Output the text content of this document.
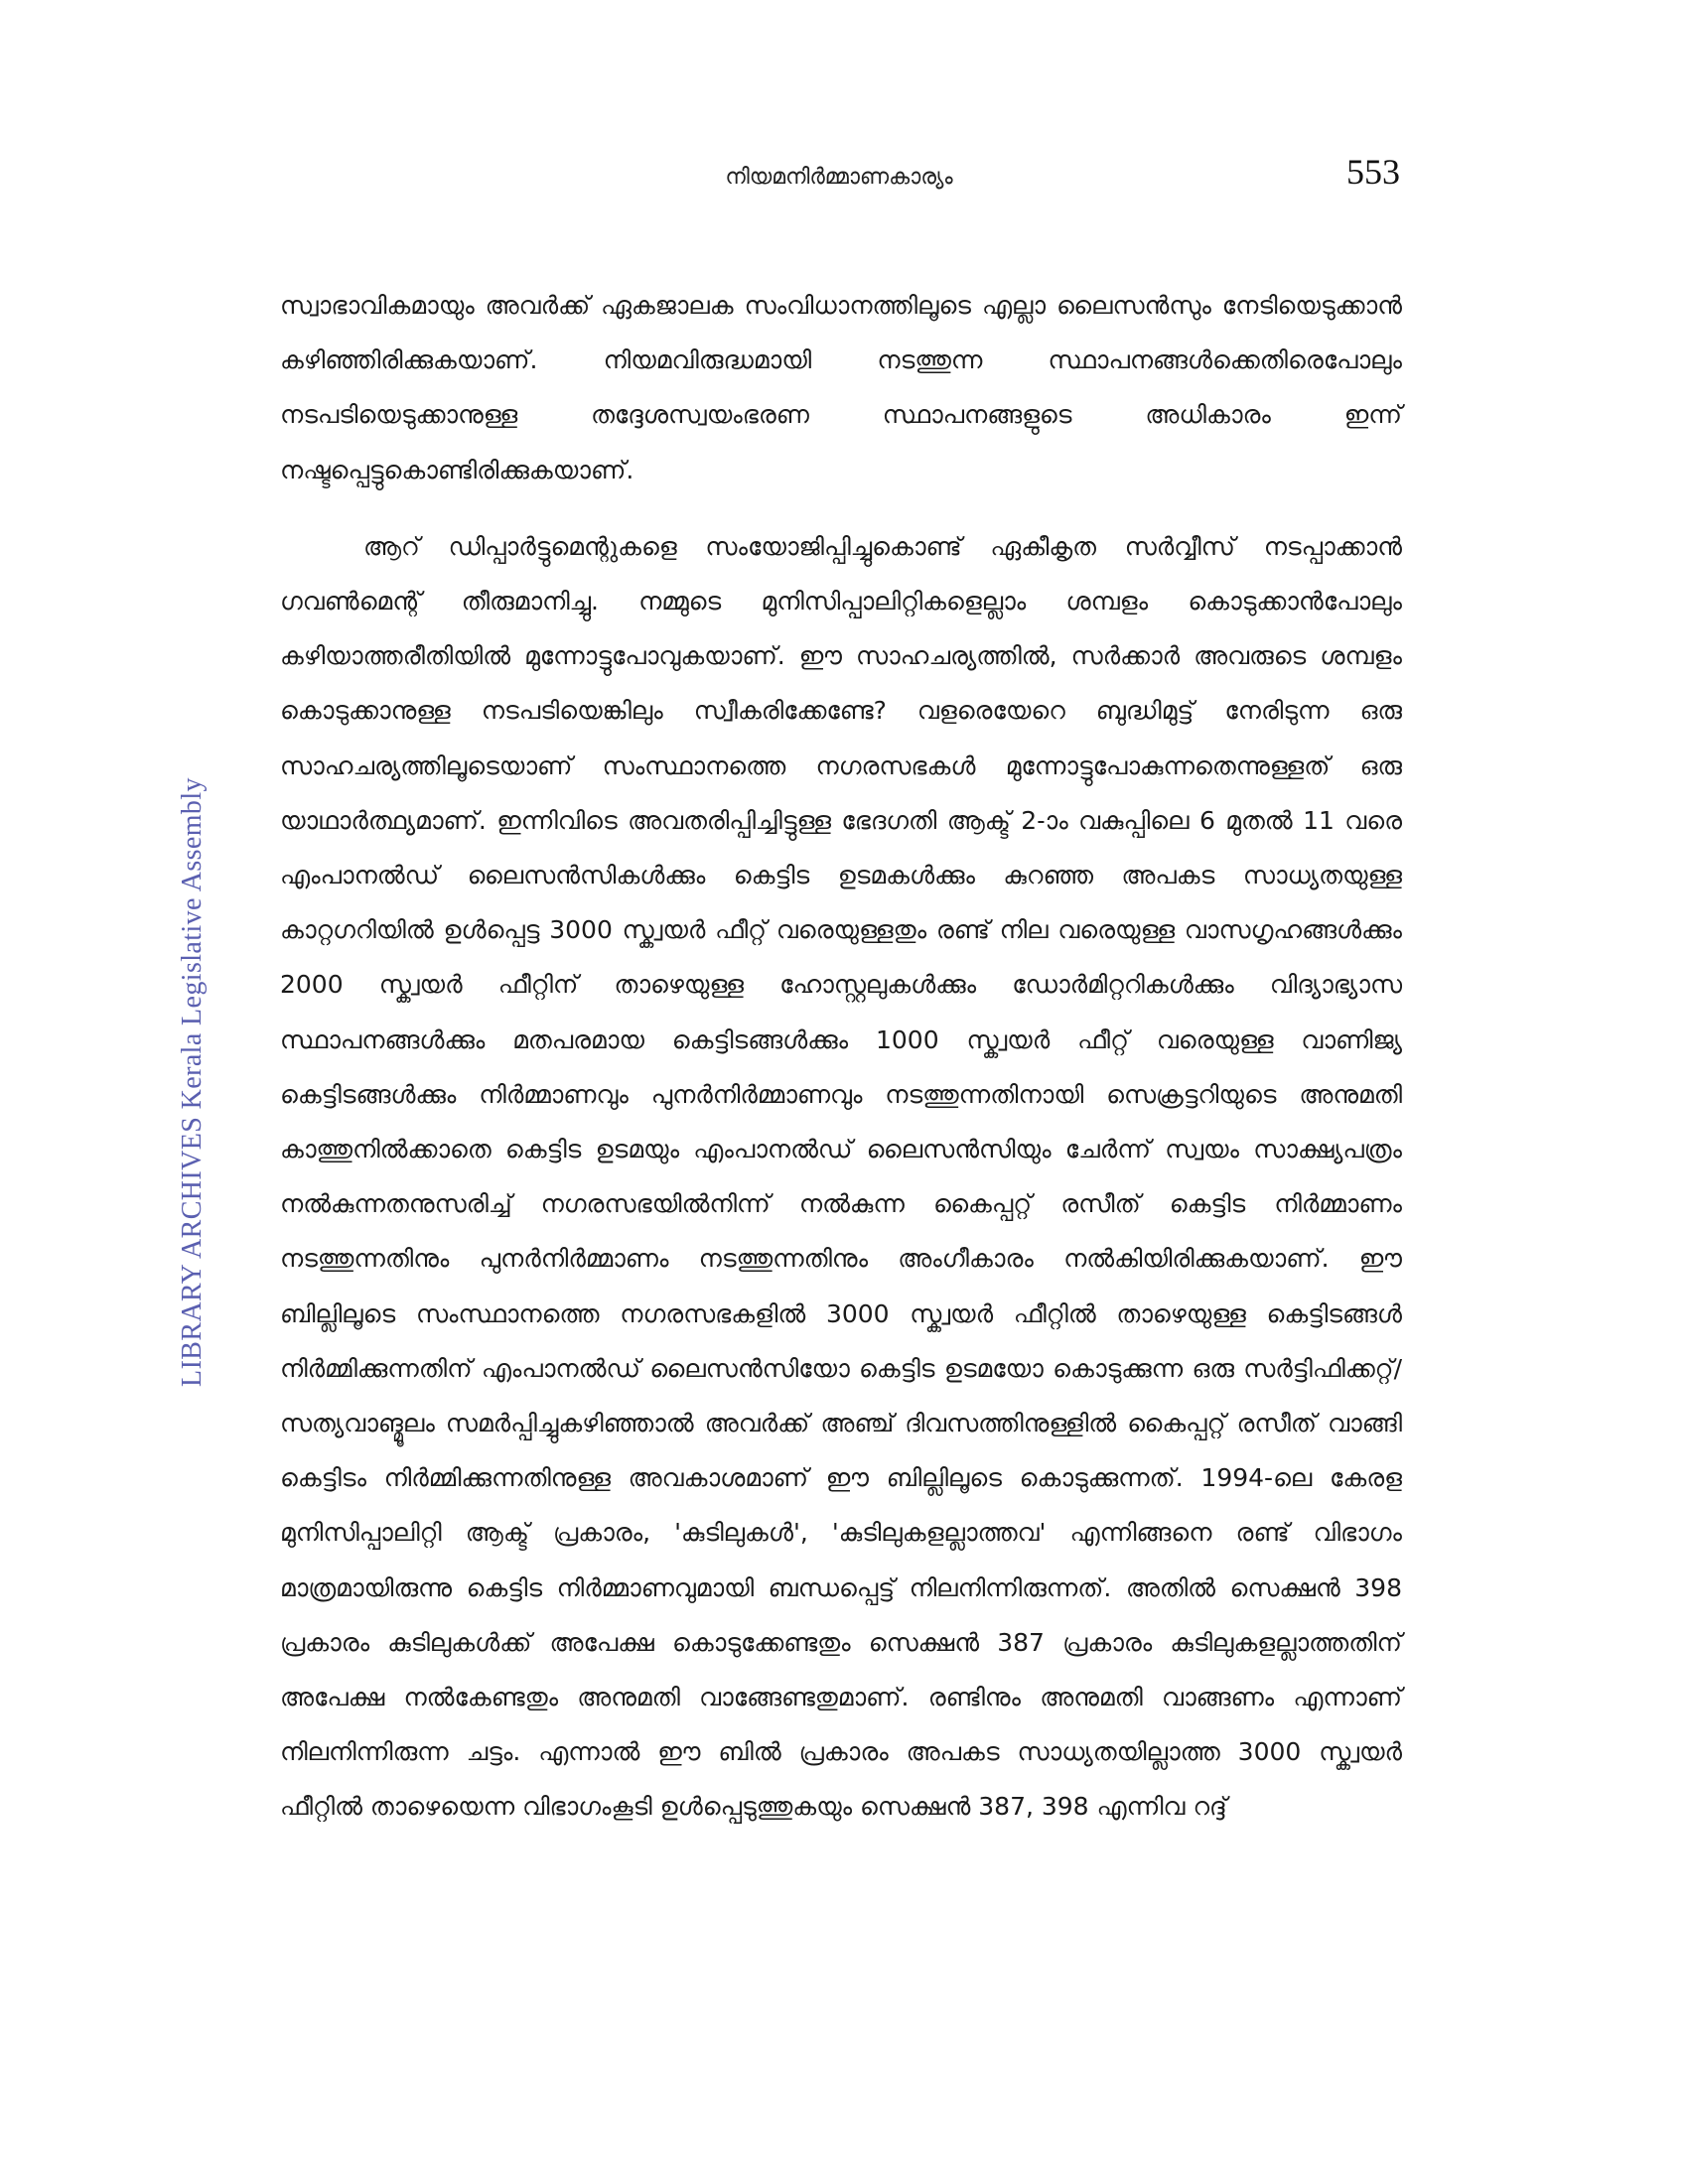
നിയമനിർമ്മാണകാര്യം	553
LIBRARY ARCHIVES Kerala Legislative Assembly

സ്വാഭാവികമായും അവർക്ക് ഏകജാലക സംവിധാനത്തിലൂടെ എല്ലാ ലൈസൻസും നേടിയെടുക്കാൻ കഴിഞ്ഞിരിക്കുകയാണ്. നിയമവിരുദ്ധമായി നടത്തുന്ന സ്ഥാപനങ്ങൾക്കെതിരെപോലും നടപടിയെടുക്കാനുള്ള തദ്ദേശസ്വയംഭരണ സ്ഥാപനങ്ങളുടെ അധികാരം ഇന്ന് നഷ്ടപ്പെട്ടുകൊണ്ടിരിക്കുകയാണ്.

ആറ് ഡിപ്പാർട്ടുമെന്റുകളെ സംയോജിപ്പിച്ചുകൊണ്ട് ഏകീകൃത സർവ്വീസ് നടപ്പാക്കാൻ ഗവൺമെന്റ് തീരുമാനിച്ചു. നമ്മുടെ മുനിസിപ്പാലിറ്റികളെല്ലാം ശമ്പളം കൊടുക്കാൻപോലും കഴിയാത്തരീതിയിൽ മുന്നോട്ടുപോവുകയാണ്. ഈ സാഹചര്യത്തിൽ, സർക്കാർ അവരുടെ ശമ്പളം കൊടുക്കാനുള്ള നടപടിയെങ്കിലും സ്വീകരിക്കേണ്ടേ? വളരെയേറെ ബുദ്ധിമുട്ട് നേരിടുന്ന ഒരു സാഹചര്യത്തിലൂടെയാണ് സംസ്ഥാനത്തെ നഗരസഭകൾ മുന്നോട്ടുപോകുന്നതെന്നുള്ളത് ഒരു യാഥാർത്ഥ്യമാണ്. ഇന്നിവിടെ അവതരിപ്പിച്ചിട്ടുള്ള ഭേദഗതി ആക്ട് 2-ാം വകുപ്പിലെ 6 മുതൽ 11 വരെ എംപാനൽഡ് ലൈസൻസികൾക്കും കെട്ടിട ഉടമകൾക്കും കുറഞ്ഞ അപകട സാധ്യതയുള്ള കാറ്റഗറിയിൽ ഉൾപ്പെട്ട 3000 സ്ക്വയർ ഫീറ്റ് വരെയുള്ളതും രണ്ട് നില വരെയുള്ള വാസഗൃഹങ്ങൾക്കും 2000 സ്ക്വയർ ഫീറ്റിന് താഴെയുള്ള ഹോസ്റ്റലുകൾക്കും ഡോർമിറ്ററികൾക്കും വിദ്യാഭ്യാസ സ്ഥാപനങ്ങൾക്കും മതപരമായ കെട്ടിടങ്ങൾക്കും 1000 സ്ക്വയർ ഫീറ്റ് വരെയുള്ള വാണിജ്യ കെട്ടിടങ്ങൾക്കും നിർമ്മാണവും പുനർനിർമ്മാണവും നടത്തുന്നതിനായി സെക്രട്ടറിയുടെ അനുമതി കാത്തുനിൽക്കാതെ കെട്ടിട ഉടമയും എംപാനൽഡ് ലൈസൻസിയും ചേർന്ന് സ്വയം സാക്ഷ്യപത്രം നൽകുന്നതനുസരിച്ച് നഗരസഭയിൽനിന്ന് നൽകുന്ന കൈപ്പറ്റ് രസീത് കെട്ടിട നിർമ്മാണം നടത്തുന്നതിനും പുനർനിർമ്മാണം നടത്തുന്നതിനും അംഗീകാരം നൽകിയിരിക്കുകയാണ്. ഈ ബില്ലിലൂടെ സംസ്ഥാനത്തെ നഗരസഭകളിൽ 3000 സ്ക്വയർ ഫീറ്റിൽ താഴെയുള്ള കെട്ടിടങ്ങൾ നിർമ്മിക്കുന്നതിന് എംപാനൽഡ് ലൈസൻസിയോ കെട്ടിട ഉടമയോ കൊടുക്കുന്ന ഒരു സർട്ടിഫിക്കറ്റ്/സത്യവാങ്മൂലം സമർപ്പിച്ചുകഴിഞ്ഞാൽ അവർക്ക് അഞ്ച് ദിവസത്തിനുള്ളിൽ കൈപ്പറ്റ് രസീത് വാങ്ങി കെട്ടിടം നിർമ്മിക്കുന്നതിനുള്ള അവകാശമാണ് ഈ ബില്ലിലൂടെ കൊടുക്കുന്നത്. 1994-ലെ കേരള മുനിസിപ്പാലിറ്റി ആക്ട് പ്രകാരം, 'കുടിലുകൾ', 'കുടിലുകളല്ലാത്തവ' എന്നിങ്ങനെ രണ്ട് വിഭാഗം മാത്രമായിരുന്നു കെട്ടിട നിർമ്മാണവുമായി ബന്ധപ്പെട്ട് നിലനിന്നിരുന്നത്. അതിൽ സെക്ഷൻ 398 പ്രകാരം കുടിലുകൾക്ക് അപേക്ഷ കൊടുക്കേണ്ടതും സെക്ഷൻ 387 പ്രകാരം കുടിലുകളല്ലാത്തതിന് അപേക്ഷ നൽകേണ്ടതും അനുമതി വാങ്ങേണ്ടതുമാണ്. രണ്ടിനും അനുമതി വാങ്ങണം എന്നാണ് നിലനിന്നിരുന്ന ചട്ടം. എന്നാൽ ഈ ബിൽ പ്രകാരം അപകട സാധ്യതയില്ലാത്ത 3000 സ്ക്വയർ ഫീറ്റിൽ താഴെയെന്ന വിഭാഗംകൂടി ഉൾപ്പെടുത്തുകയും സെക്ഷൻ 387, 398 എന്നിവ റദ്ദ്
